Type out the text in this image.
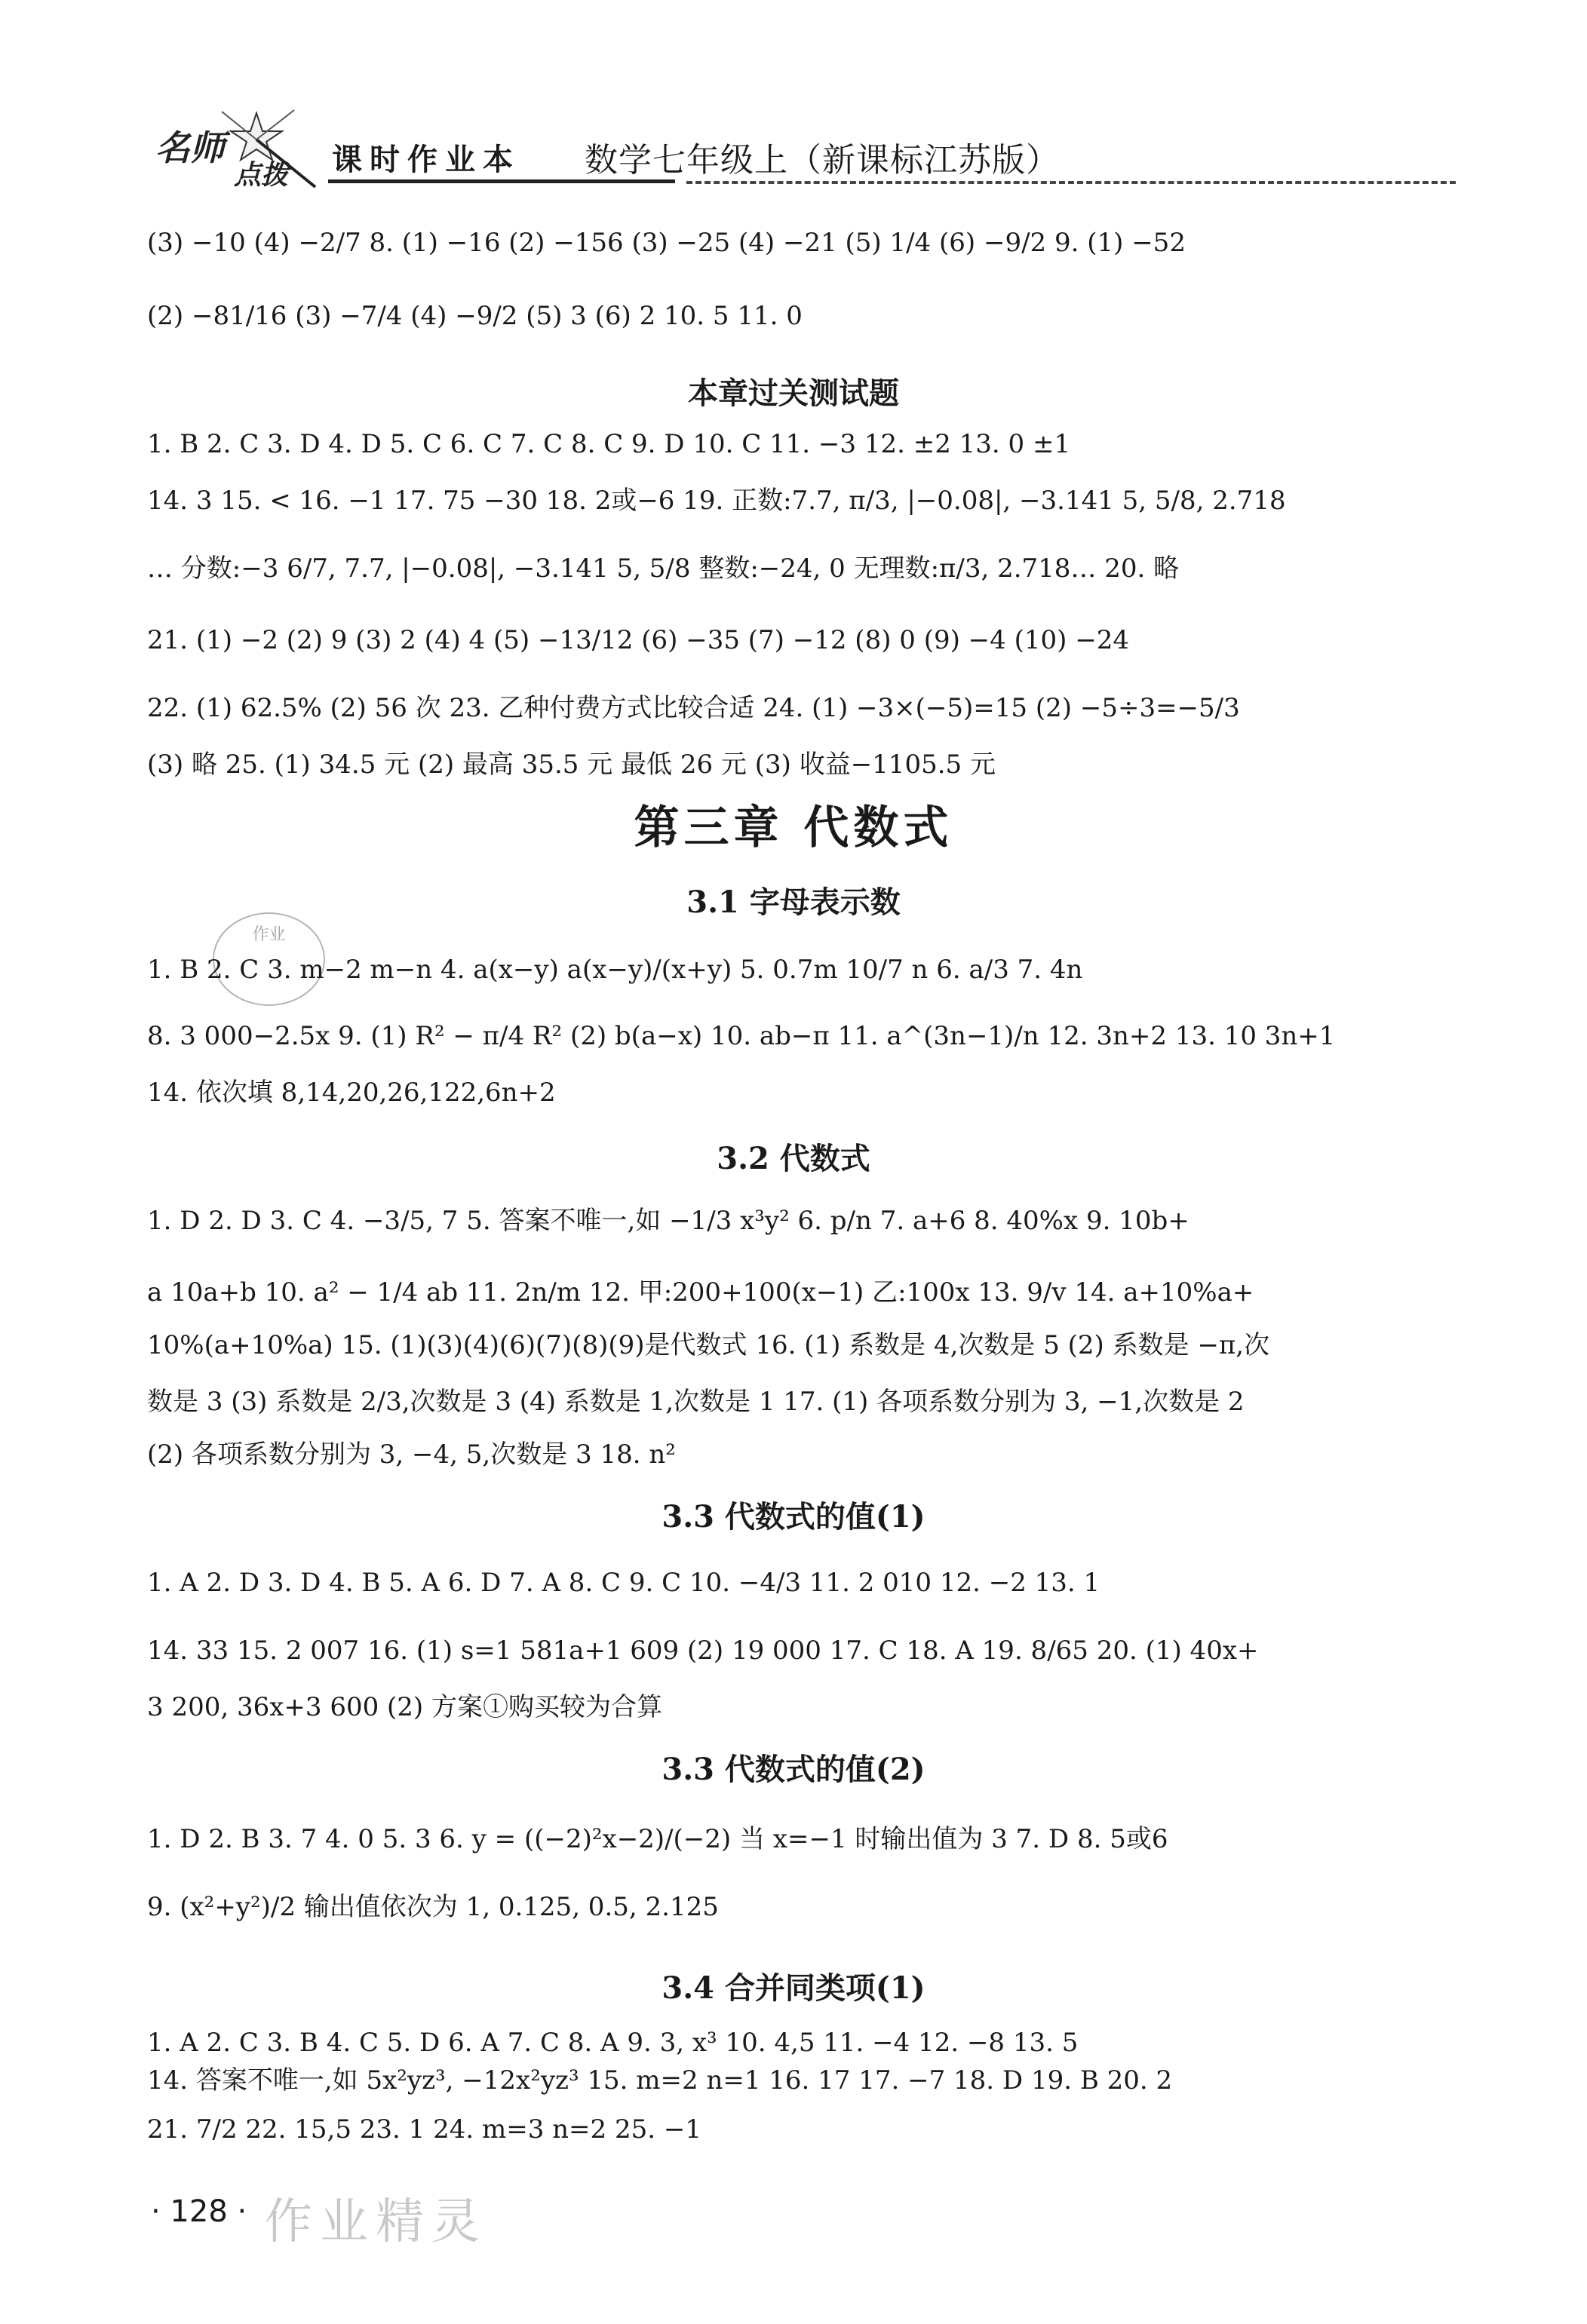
名师
点拨 课时作业本 数学七年级上（新课标江苏版）
(3) −10 (4) −2/7 8. (1) −16 (2) −156 (3) −25 (4) −21 (5) 1/4 (6) −9/2 9. (1) −52
(2) −81/16 (3) −7/4 (4) −9/2 (5) 3 (6) 2 10. 5 11. 0
本章过关测试题
1. B 2. C 3. D 4. D 5. C 6. C 7. C 8. C 9. D 10. C 11. −3 12. ±2 13. 0 ±1
14. 3 15. < 16. −1 17. 75 −30 18. 2或−6 19. 正数:7.7, π/3, |−0.08|, −3.141 5, 5/8, 2.718
… 分数:−3 6/7, 7.7, |−0.08|, −3.141 5, 5/8 整数:−24, 0 无理数:π/3, 2.718… 20. 略
21. (1) −2 (2) 9 (3) 2 (4) 4 (5) −13/12 (6) −35 (7) −12 (8) 0 (9) −4 (10) −24
22. (1) 62.5% (2) 56 次 23. 乙种付费方式比较合适 24. (1) −3×(−5)=15 (2) −5÷3=−5/3
(3) 略 25. (1) 34.5 元 (2) 最高 35.5 元 最低 26 元 (3) 收益−1105.5 元
第三章 代数式
3.1 字母表示数
作业
1. B 2. C 3. m−2 m−n 4. a(x−y) a(x−y)/(x+y) 5. 0.7m 10/7 n 6. a/3 7. 4n
8. 3 000−2.5x 9. (1) R² − π/4 R² (2) b(a−x) 10. ab−π 11. a^(3n−1)/n 12. 3n+2 13. 10 3n+1
14. 依次填 8,14,20,26,122,6n+2
3.2 代数式
1. D 2. D 3. C 4. −3/5, 7 5. 答案不唯一,如 −1/3 x³y² 6. p/n 7. a+6 8. 40%x 9. 10b+
a 10a+b 10. a² − 1/4 ab 11. 2n/m 12. 甲:200+100(x−1) 乙:100x 13. 9/v 14. a+10%a+
10%(a+10%a) 15. (1)(3)(4)(6)(7)(8)(9)是代数式 16. (1) 系数是 4,次数是 5 (2) 系数是 −π,次
数是 3 (3) 系数是 2/3,次数是 3 (4) 系数是 1,次数是 1 17. (1) 各项系数分别为 3, −1,次数是 2
(2) 各项系数分别为 3, −4, 5,次数是 3 18. n²
3.3 代数式的值(1)
1. A 2. D 3. D 4. B 5. A 6. D 7. A 8. C 9. C 10. −4/3 11. 2 010 12. −2 13. 1
14. 33 15. 2 007 16. (1) s=1 581a+1 609 (2) 19 000 17. C 18. A 19. 8/65 20. (1) 40x+
3 200, 36x+3 600 (2) 方案①购买较为合算
3.3 代数式的值(2)
1. D 2. B 3. 7 4. 0 5. 3 6. y = ((−2)²x−2)/(−2) 当 x=−1 时输出值为 3 7. D 8. 5或6
9. (x²+y²)/2 输出值依次为 1, 0.125, 0.5, 2.125
3.4 合并同类项(1)
1. A 2. C 3. B 4. C 5. D 6. A 7. C 8. A 9. 3, x³ 10. 4,5 11. −4 12. −8 13. 5
14. 答案不唯一,如 5x²yz³, −12x²yz³ 15. m=2 n=1 16. 17 17. −7 18. D 19. B 20. 2
21. 7/2 22. 15,5 23. 1 24. m=3 n=2 25. −1
· 128 · 作业精灵
